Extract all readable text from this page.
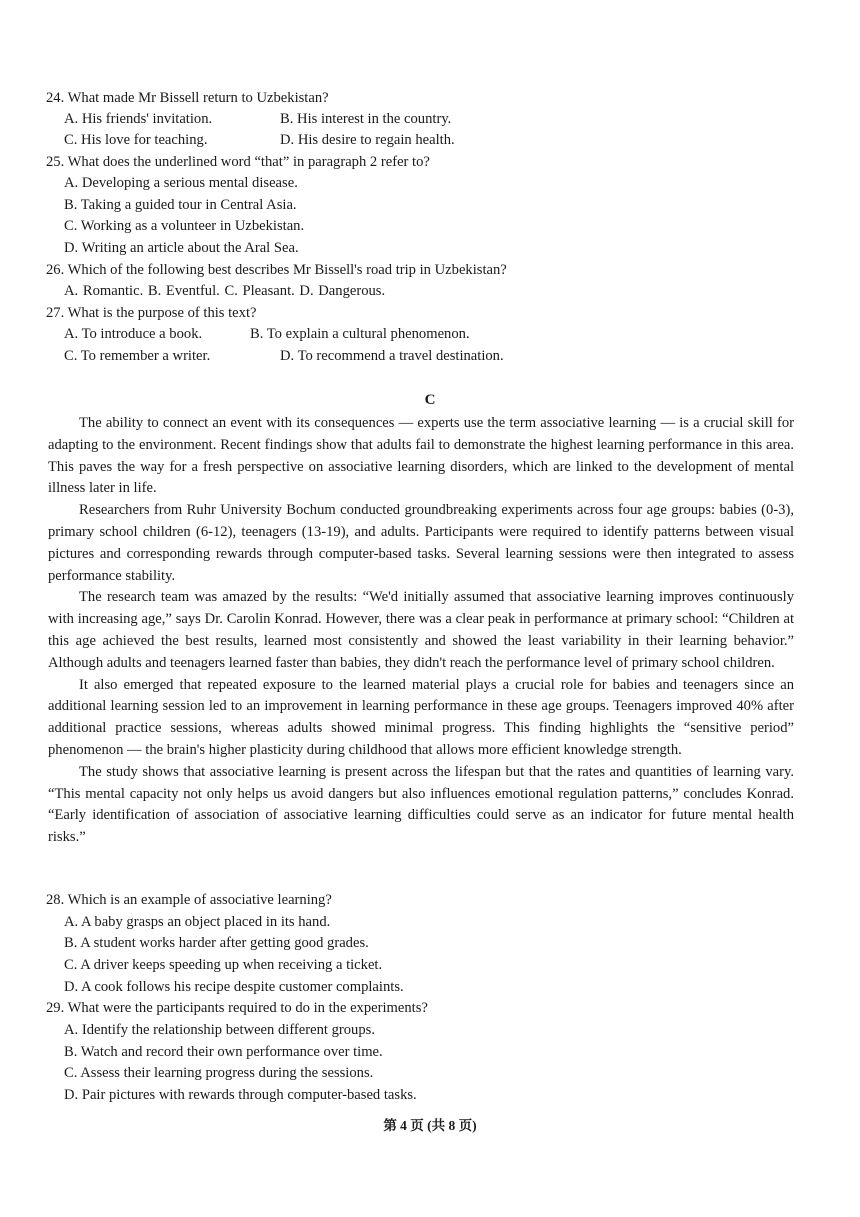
24. What made Mr Bissell return to Uzbekistan?
A. His friends' invitation.	B. His interest in the country.
C. His love for teaching.	D. His desire to regain health.
25. What does the underlined word “that” in paragraph 2 refer to?
A. Developing a serious mental disease.
B. Taking a guided tour in Central Asia.
C. Working as a volunteer in Uzbekistan.
D. Writing an article about the Aral Sea.
26. Which of the following best describes Mr Bissell's road trip in Uzbekistan?
A. Romantic. B. Eventful. C. Pleasant. D. Dangerous.
27. What is the purpose of this text?
A. To introduce a book.	B. To explain a cultural phenomenon.
C. To remember a writer.	D. To recommend a travel destination.
C

The ability to connect an event with its consequences — experts use the term associative learning — is a crucial skill for adapting to the environment. Recent findings show that adults fail to demonstrate the highest learning performance in this area. This paves the way for a fresh perspective on associative learning disorders, which are linked to the development of mental illness later in life.

Researchers from Ruhr University Bochum conducted groundbreaking experiments across four age groups: babies (0-3), primary school children (6-12), teenagers (13-19), and adults. Participants were required to identify patterns between visual pictures and corresponding rewards through computer-based tasks. Several learning sessions were then integrated to assess performance stability.

The research team was amazed by the results: “We'd initially assumed that associative learning improves continuously with increasing age,” says Dr. Carolin Konrad. However, there was a clear peak in performance at primary school: “Children at this age achieved the best results, learned most consistently and showed the least variability in their learning behavior.” Although adults and teenagers learned faster than babies, they didn't reach the performance level of primary school children.

It also emerged that repeated exposure to the learned material plays a crucial role for babies and teenagers since an additional learning session led to an improvement in learning performance in these age groups. Teenagers improved 40% after additional practice sessions, whereas adults showed minimal progress. This finding highlights the “sensitive period” phenomenon — the brain's higher plasticity during childhood that allows more efficient knowledge strength.

The study shows that associative learning is present across the lifespan but that the rates and quantities of learning vary. “This mental capacity not only helps us avoid dangers but also influences emotional regulation patterns,” concludes Konrad. “Early identification of association of associative learning difficulties could serve as an indicator for future mental health risks.”

28. Which is an example of associative learning?
A. A baby grasps an object placed in its hand.
B. A student works harder after getting good grades.
C. A driver keeps speeding up when receiving a ticket.
D. A cook follows his recipe despite customer complaints.
29. What were the participants required to do in the experiments?
A. Identify the relationship between different groups.
B. Watch and record their own performance over time.
C. Assess their learning progress during the sessions.
D. Pair pictures with rewards through computer-based tasks.
第 4 页 (共 8 页)
